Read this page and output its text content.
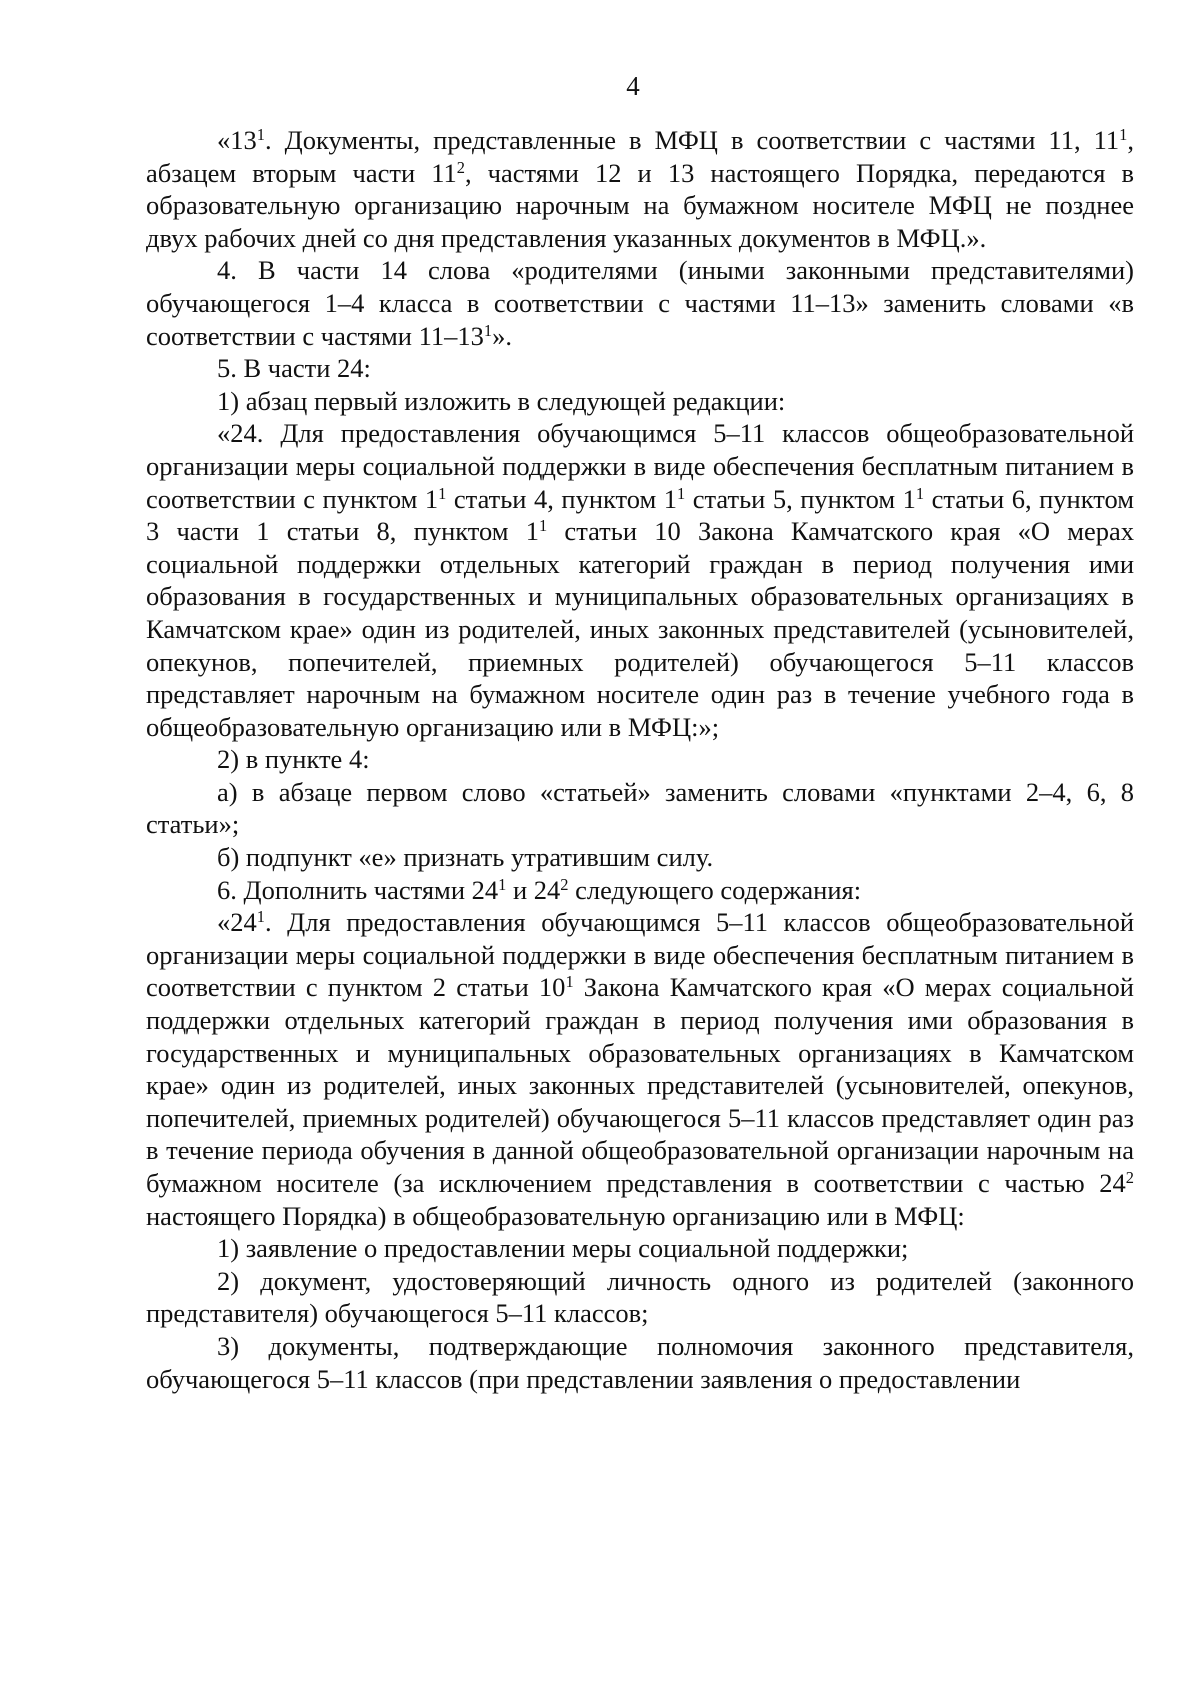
4

«$13^1$. Документы, представленные в МФЦ в соответствии с частями 11, $11^1$, абзацем вторым части $11^2$, частями 12 и 13 настоящего Порядка, передаются в образовательную организацию нарочным на бумажном носителе МФЦ не позднее двух рабочих дней со дня представления указанных документов в МФЦ.».

4. В части 14 слова «родителями (иными законными представителями) обучающегося 1–4 класса в соответствии с частями 11–13» заменить словами «в соответствии с частями $11-13^1$».

5. В части 24:

1) абзац первый изложить в следующей редакции:

«24. Для предоставления обучающимся 5–11 классов общеобразовательной организации меры социальной поддержки в виде обеспечения бесплатным питанием в соответствии с пунктом $1^1$ статьи 4, пунктом $1^1$ статьи 5, пунктом $1^1$ статьи 6, пунктом 3 части 1 статьи 8, пунктом $1^1$ статьи 10 Закона Камчатского края «О мерах социальной поддержки отдельных категорий граждан в период получения ими образования в государственных и муниципальных образовательных организациях в Камчатском крае» один из родителей, иных законных представителей (усыновителей, опекунов, попечителей, приемных родителей) обучающегося 5–11 классов представляет нарочным на бумажном носителе один раз в течение учебного года в общеобразовательную организацию или в МФЦ:»;

2) в пункте 4:

а) в абзаце первом слово «статьей» заменить словами «пунктами 2–4, 6, 8 статьи»;

б) подпункт «е» признать утратившим силу.

6. Дополнить частями $24^1$ и $24^2$ следующего содержания:

«$24^1$. Для предоставления обучающимся 5–11 классов общеобразовательной организации меры социальной поддержки в виде обеспечения бесплатным питанием в соответствии с пунктом 2 статьи $10^1$ Закона Камчатского края «О мерах социальной поддержки отдельных категорий граждан в период получения ими образования в государственных и муниципальных образовательных организациях в Камчатском крае» один из родителей, иных законных представителей (усыновителей, опекунов, попечителей, приемных родителей) обучающегося 5–11 классов представляет один раз в течение периода обучения в данной общеобразовательной организации нарочным на бумажном носителе (за исключением представления в соответствии с частью $24^2$ настоящего Порядка) в общеобразовательную организацию или в МФЦ:

1) заявление о предоставлении меры социальной поддержки;

2) документ, удостоверяющий личность одного из родителей (законного представителя) обучающегося 5–11 классов;

3) документы, подтверждающие полномочия законного представителя, обучающегося 5–11 классов (при представлении заявления о предоставлении
